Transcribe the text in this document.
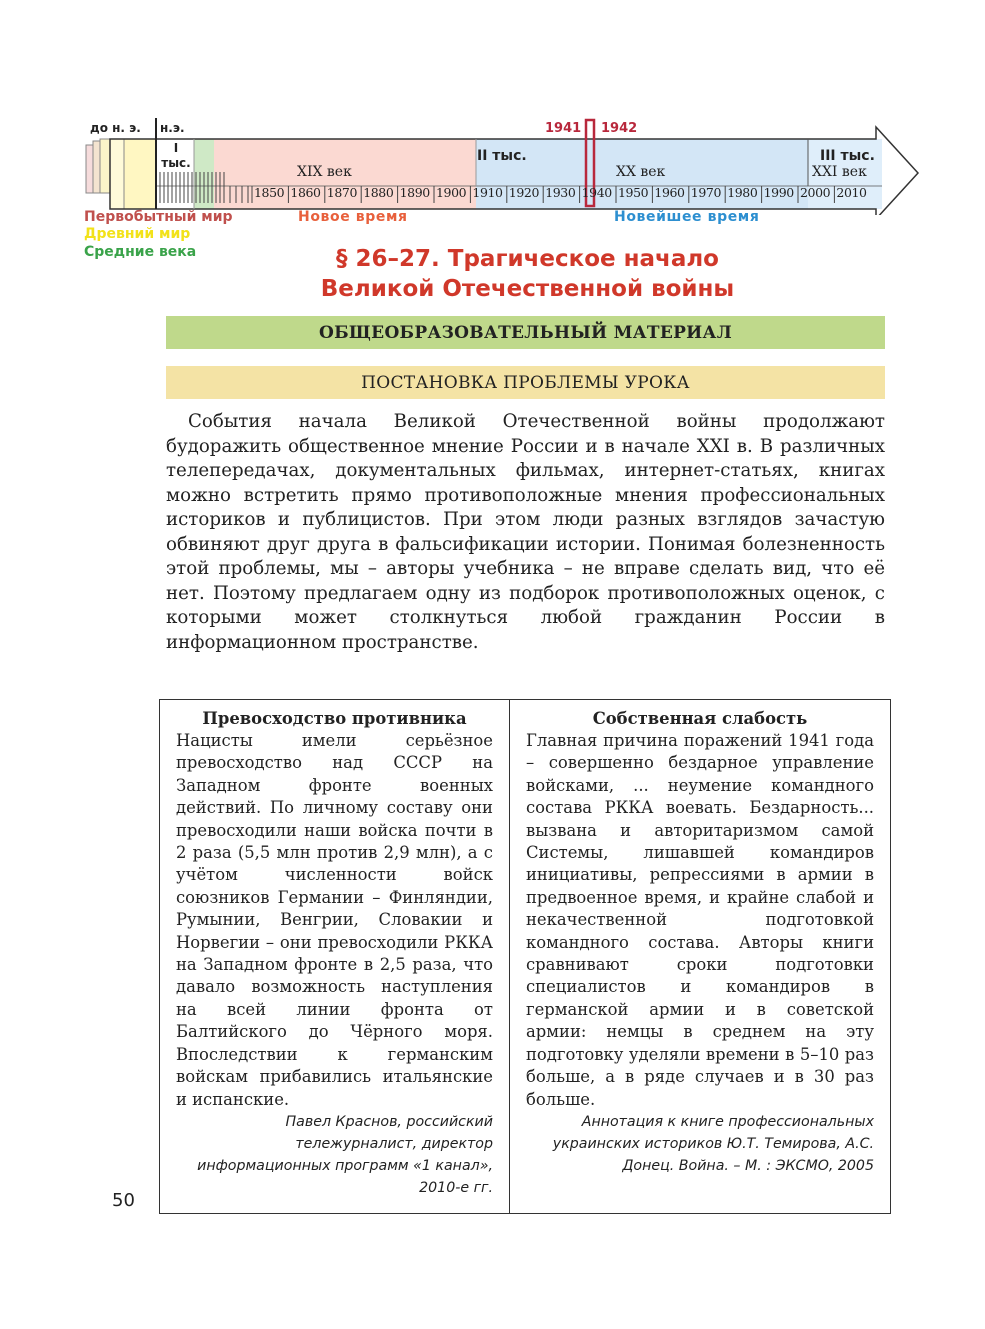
до н. э. н.э.
I тыс.	II тыс.	III тыс.
1941 1942
XIX век	XX век	XXI век
1850 1860 1870 1880 1890 1900 1910 1920 1930 1940 1950 1960 1970 1980 1990 2000 2010
Первобытный мир
Древний мир
Средние века
Новое время	Новейшее время
§ 26–27. Трагическое начало
Великой Отечественной войны
ОБЩЕОБРАЗОВАТЕЛЬНЫЙ МАТЕРИАЛ
ПОСТАНОВКА ПРОБЛЕМЫ УРОКА

События начала Великой Отечественной войны продолжают будоражить общественное мнение России и в начале XXI в. В различных телепередачах, документальных фильмах, интернет-статьях, книгах можно встретить прямо противоположные мнения профессиональных историков и публицистов. При этом люди разных взглядов зачастую обвиняют друг друга в фальсификации истории. Понимая болезненность этой проблемы, мы – авторы учебника – не вправе сделать вид, что её нет. Поэтому предлагаем одну из подборок противоположных оценок, с которыми может столкнуться любой гражданин России в информационном пространстве.

Превосходство противника
Нацисты имели серьёзное превосходство над СССР на Западном фронте военных действий. По личному составу они превосходили наши войска почти в 2 раза (5,5 млн против 2,9 млн), а с учётом численности войск союзников Германии – Финляндии, Румынии, Венгрии, Словакии и Норвегии – они превосходили РККА на Западном фронте в 2,5 раза, что давало возможность наступления на всей линии фронта от Балтийского до Чёрного моря. Впоследствии к германским войскам прибавились итальянские и испанские.
Павел Краснов, российский тележурналист, директор информационных программ «1 канал», 2010-е гг.
Собственная слабость
Главная причина поражений 1941 года – совершенно бездарное управление войсками, ... неумение командного состава РККА воевать. Бездарность... вызвана и авторитаризмом самой Системы, лишавшей командиров инициативы, репрессиями в армии в предвоенное время, и крайне слабой и некачественной подготовкой командного состава. Авторы книги сравнивают сроки подготовки специалистов и командиров в германской армии и в советской армии: немцы в среднем на эту подготовку уделяли времени в 5–10 раз больше, а в ряде случаев и в 30 раз больше.
Аннотация к книге профессиональных украинских историков Ю.Т. Темирова, А.С. Донец. Война. – М. : ЭКСМО, 2005
50
